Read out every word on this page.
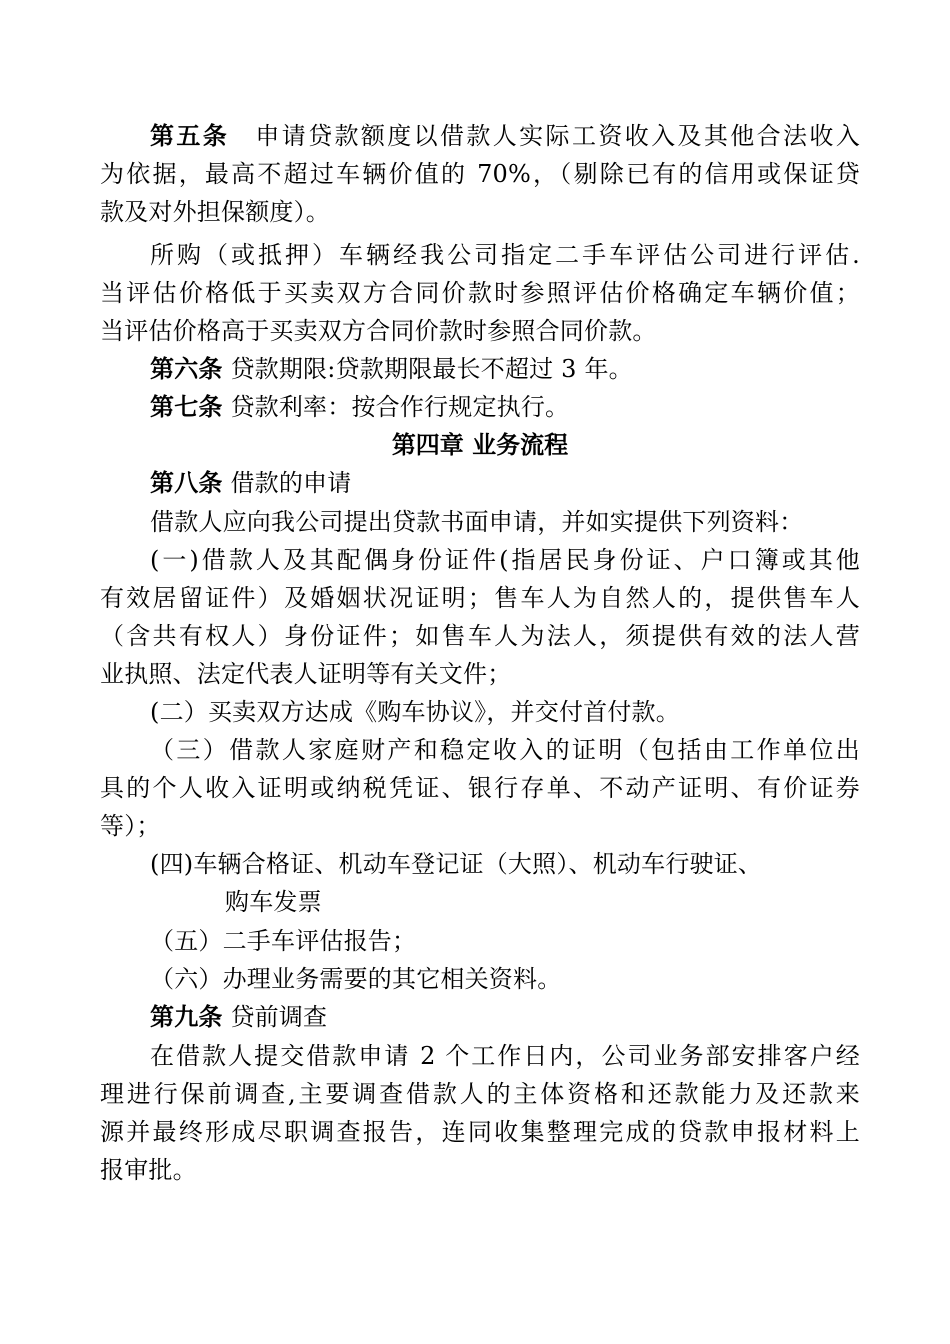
第五条 申请贷款额度以借款人实际工资收入及其他合法收入
为依据，最高不超过车辆价值的 70%，（剔除已有的信用或保证贷
款及对外担保额度）。
所购（或抵押）车辆经我公司指定二手车评估公司进行评估.
当评估价格低于买卖双方合同价款时参照评估价格确定车辆价值；
当评估价格高于买卖双方合同价款时参照合同价款。
第六条 贷款期限:贷款期限最长不超过 3 年。
第七条 贷款利率：按合作行规定执行。
第四章 业务流程
第八条 借款的申请
借款人应向我公司提出贷款书面申请，并如实提供下列资料：
(一)借款人及其配偶身份证件(指居民身份证、户口簿或其他
有效居留证件）及婚姻状况证明；售车人为自然人的，提供售车人
（含共有权人）身份证件；如售车人为法人，须提供有效的法人营
业执照、法定代表人证明等有关文件；
(二）买卖双方达成《购车协议》，并交付首付款。
（三）借款人家庭财产和稳定收入的证明（包括由工作单位出
具的个人收入证明或纳税凭证、银行存单、不动产证明、有价证券
等）；
(四)车辆合格证、机动车登记证（大照）、机动车行驶证、
购车发票
（五）二手车评估报告；
（六）办理业务需要的其它相关资料。
第九条 贷前调查
在借款人提交借款申请 2 个工作日内，公司业务部安排客户经
理进行保前调查,主要调查借款人的主体资格和还款能力及还款来
源并最终形成尽职调查报告，连同收集整理完成的贷款申报材料上
报审批。
